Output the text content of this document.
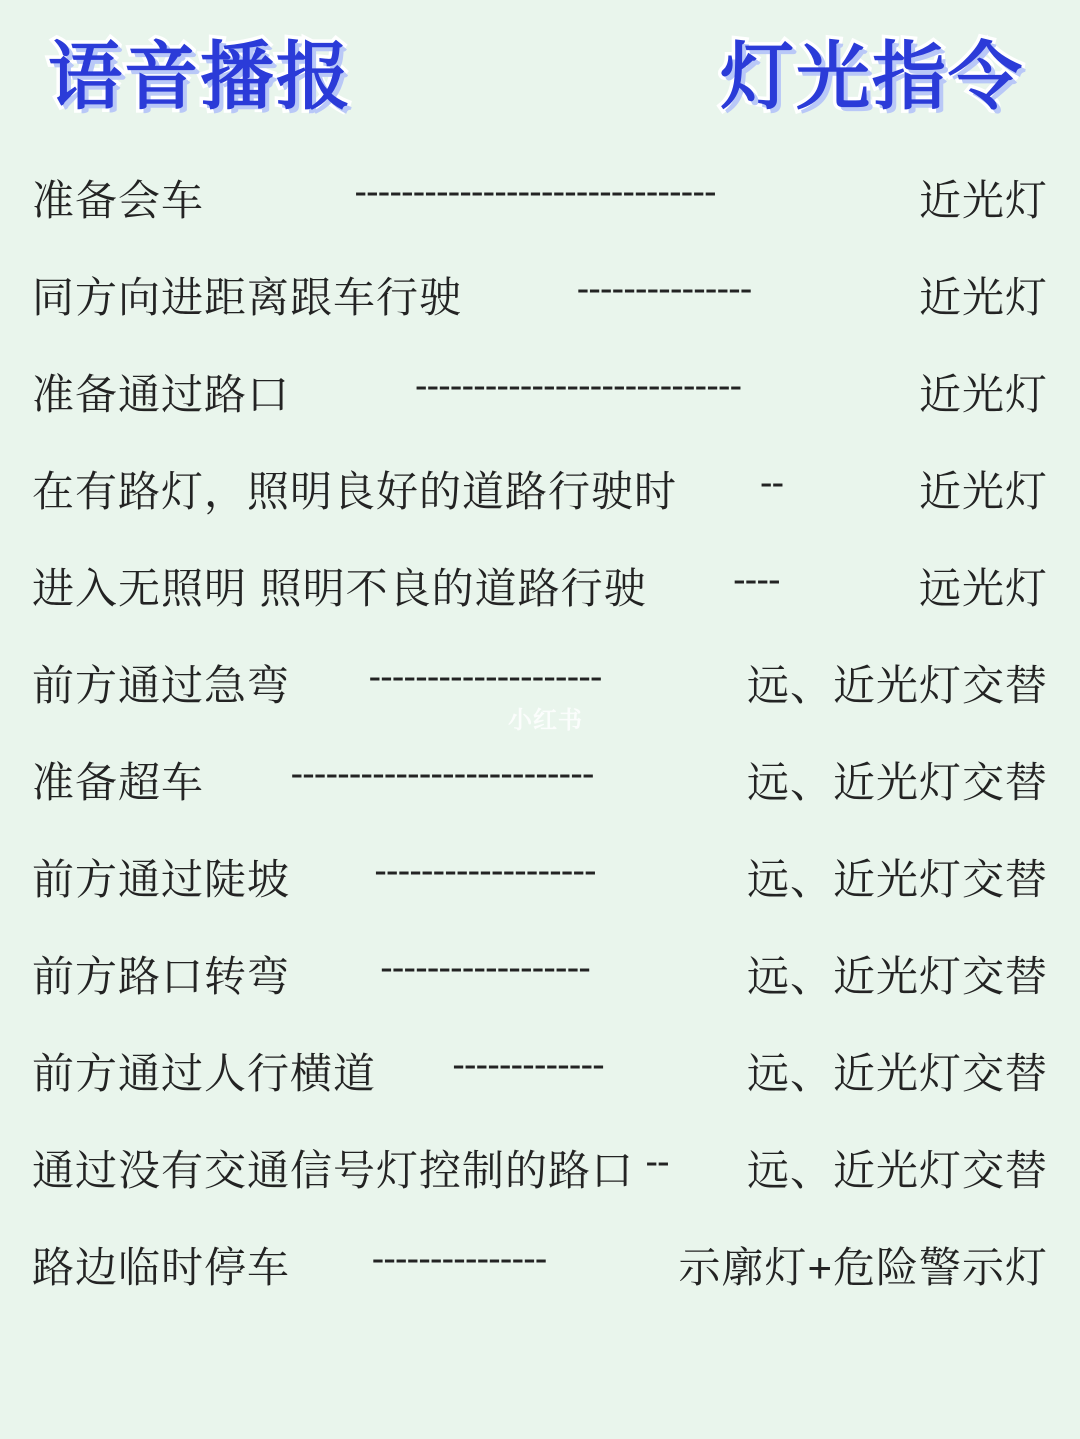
语音播报	灯光指令
准备会车	-------------------------------	近光灯
同方向进距离跟车行驶	---------------	近光灯
准备通过路口	----------------------------	近光灯
在有路灯，照明良好的道路行驶时	--	近光灯
进入无照明 照明不良的道路行驶	----	远光灯
前方通过急弯	--------------------	远、近光灯交替
准备超车	--------------------------	远、近光灯交替
前方通过陡坡	-------------------	远、近光灯交替
前方路口转弯	------------------	远、近光灯交替
前方通过人行横道	-------------	远、近光灯交替
通过没有交通信号灯控制的路口 --	远、近光灯交替
路边临时停车	---------------	示廓灯+危险警示灯
小红书
